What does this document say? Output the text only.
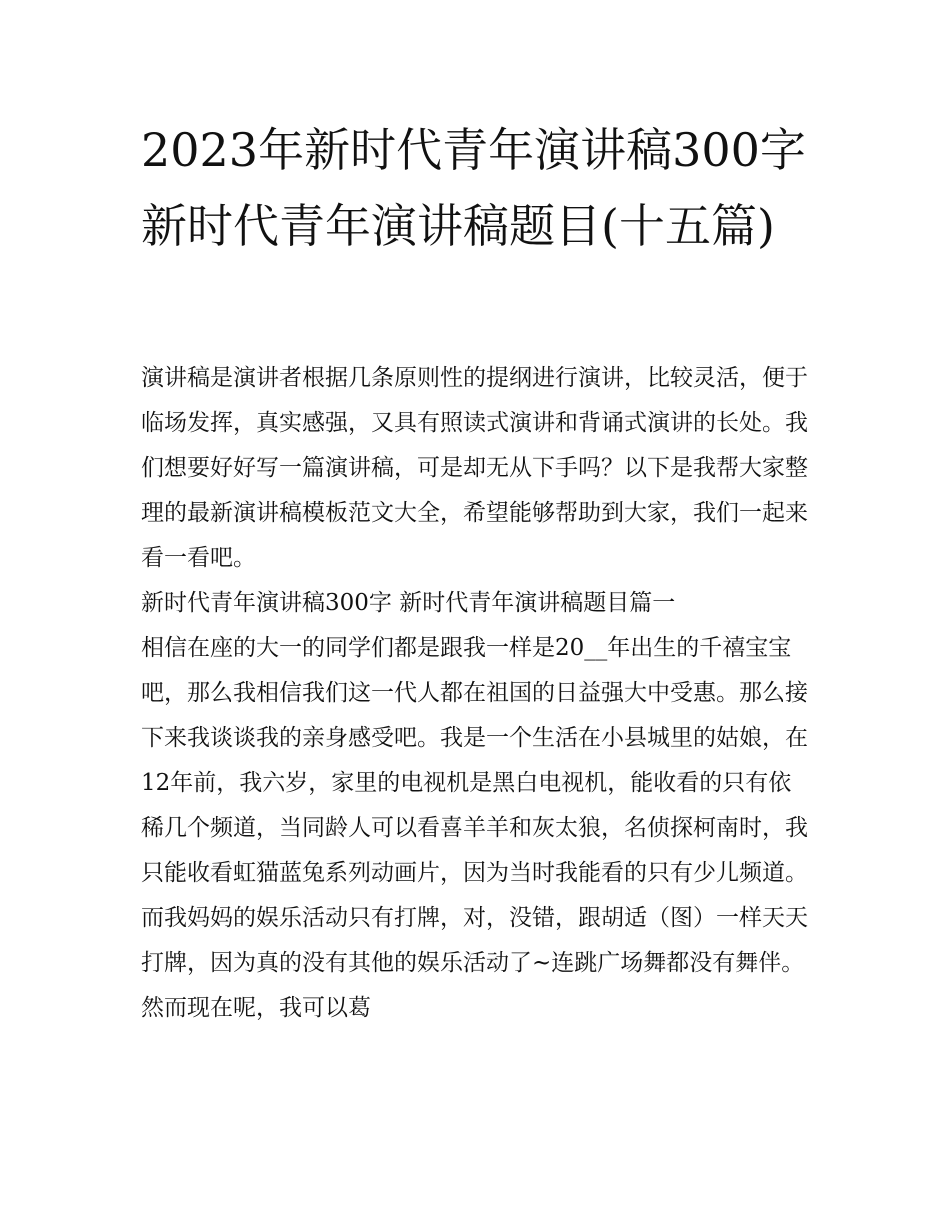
2023年新时代青年演讲稿300字 新时代青年演讲稿题目(十五篇)

演讲稿是演讲者根据几条原则性的提纲进行演讲，比较灵活，便于临场发挥，真实感强，又具有照读式演讲和背诵式演讲的长处。我们想要好好写一篇演讲稿，可是却无从下手吗？以下是我帮大家整理的最新演讲稿模板范文大全，希望能够帮助到大家，我们一起来看一看吧。

新时代青年演讲稿300字 新时代青年演讲稿题目篇一

相信在座的大一的同学们都是跟我一样是20__年出生的千禧宝宝吧，那么我相信我们这一代人都在祖国的日益强大中受惠。那么接下来我谈谈我的亲身感受吧。我是一个生活在小县城里的姑娘，在12年前，我六岁，家里的电视机是黑白电视机，能收看的只有依稀几个频道，当同龄人可以看喜羊羊和灰太狼，名侦探柯南时，我只能收看虹猫蓝兔系列动画片，因为当时我能看的只有少儿频道。而我妈妈的娱乐活动只有打牌，对，没错，跟胡适（图）一样天天打牌，因为真的没有其他的娱乐活动了~连跳广场舞都没有舞伴。然而现在呢，我可以葛
